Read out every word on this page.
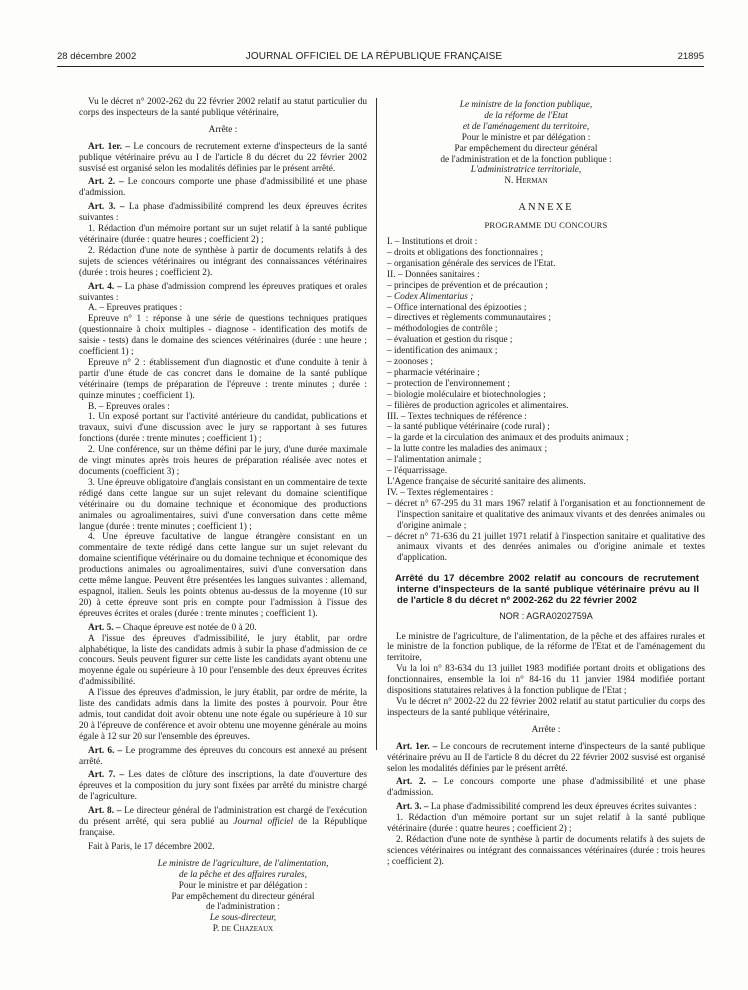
28 décembre 2002	JOURNAL OFFICIEL DE LA RÉPUBLIQUE FRANÇAISE	21895

Vu le décret n° 2002-262 du 22 février 2002 relatif au statut particulier du corps des inspecteurs de la santé publique vétérinaire,

Arrête :

Art. 1er. – Le concours de recrutement externe d'inspecteurs de la santé publique vétérinaire prévu au I de l'article 8 du décret du 22 février 2002 susvisé est organisé selon les modalités définies par le présent arrêté.

Art. 2. – Le concours comporte une phase d'admissibilité et une phase d'admission.

Art. 3. – La phase d'admissibilité comprend les deux épreuves écrites suivantes :

1. Rédaction d'un mémoire portant sur un sujet relatif à la santé publique vétérinaire (durée : quatre heures ; coefficient 2) ;

2. Rédaction d'une note de synthèse à partir de documents relatifs à des sujets de sciences vétérinaires ou intégrant des connaissances vétérinaires (durée : trois heures ; coefficient 2).

Art. 4. – La phase d'admission comprend les épreuves pratiques et orales suivantes :

A. – Epreuves pratiques :

Epreuve n° 1 : réponse à une série de questions techniques pratiques (questionnaire à choix multiples - diagnose - identification des motifs de saisie - tests) dans le domaine des sciences vétérinaires (durée : une heure ; coefficient 1) ;

Epreuve n° 2 : établissement d'un diagnostic et d'une conduite à tenir à partir d'une étude de cas concret dans le domaine de la santé publique vétérinaire (temps de préparation de l'épreuve : trente minutes ; durée : quinze minutes ; coefficient 1).

B. – Epreuves orales :

1. Un exposé portant sur l'activité antérieure du candidat, publications et travaux, suivi d'une discussion avec le jury se rapportant à ses futures fonctions (durée : trente minutes ; coefficient 1) ;

2. Une conférence, sur un thème défini par le jury, d'une durée maximale de vingt minutes après trois heures de préparation réalisée avec notes et documents (coefficient 3) ;

3. Une épreuve obligatoire d'anglais consistant en un commentaire de texte rédigé dans cette langue sur un sujet relevant du domaine scientifique vétérinaire ou du domaine technique et économique des productions animales ou agroalimentaires, suivi d'une conversation dans cette même langue (durée : trente minutes ; coefficient 1) ;

4. Une épreuve facultative de langue étrangère consistant en un commentaire de texte rédigé dans cette langue sur un sujet relevant du domaine scientifique vétérinaire ou du domaine technique et économique des productions animales ou agroalimentaires, suivi d'une conversation dans cette même langue. Peuvent être présentées les langues suivantes : allemand, espagnol, italien. Seuls les points obtenus au-dessus de la moyenne (10 sur 20) à cette épreuve sont pris en compte pour l'admission à l'issue des épreuves écrites et orales (durée : trente minutes ; coefficient 1).

Art. 5. – Chaque épreuve est notée de 0 à 20.

A l'issue des épreuves d'admissibilité, le jury établit, par ordre alphabétique, la liste des candidats admis à subir la phase d'admission de ce concours. Seuls peuvent figurer sur cette liste les candidats ayant obtenu une moyenne égale ou supérieure à 10 pour l'ensemble des deux épreuves écrites d'admissibilité.

A l'issue des épreuves d'admission, le jury établit, par ordre de mérite, la liste des candidats admis dans la limite des postes à pourvoir. Pour être admis, tout candidat doit avoir obtenu une note égale ou supérieure à 10 sur 20 à l'épreuve de conférence et avoir obtenu une moyenne générale au moins égale à 12 sur 20 sur l'ensemble des épreuves.

Art. 6. – Le programme des épreuves du concours est annexé au présent arrêté.

Art. 7. – Les dates de clôture des inscriptions, la date d'ouverture des épreuves et la composition du jury sont fixées par arrêté du ministre chargé de l'agriculture.

Art. 8. – Le directeur général de l'administration est chargé de l'exécution du présent arrêté, qui sera publié au Journal officiel de la République française.

Fait à Paris, le 17 décembre 2002.

Le ministre de l'agriculture, de l'alimentation,

de la pêche et des affaires rurales,

Pour le ministre et par délégation :

Par empêchement du directeur général

de l'administration :

Le sous-directeur,

P. de Chazeaux

Le ministre de la fonction publique,

de la réforme de l'Etat

et de l'aménagement du territoire,

Pour le ministre et par délégation :

Par empêchement du directeur général

de l'administration et de la fonction publique :

L'administratrice territoriale,

N. Herman

ANNEXE

PROGRAMME DU CONCOURS

I. – Institutions et droit :

– droits et obligations des fonctionnaires ;

– organisation générale des services de l'Etat.

II. – Données sanitaires :

– principes de prévention et de précaution ;

– Codex Alimentarius ;

– Office international des épizooties ;

– directives et règlements communautaires ;

– méthodologies de contrôle ;

– évaluation et gestion du risque ;

– identification des animaux ;

– zoonoses ;

– pharmacie vétérinaire ;

– protection de l'environnement ;

– biologie moléculaire et biotechnologies ;

– filières de production agricoles et alimentaires.

III. – Textes techniques de référence :

– la santé publique vétérinaire (code rural) ;

– la garde et la circulation des animaux et des produits animaux ;

– la lutte contre les maladies des animaux ;

– l'alimentation animale ;

– l'équarrissage.

L'Agence française de sécurité sanitaire des aliments.

IV. – Textes réglementaires :

– décret n° 67-295 du 31 mars 1967 relatif à l'organisation et au fonctionnement de l'inspection sanitaire et qualitative des animaux vivants et des denrées animales ou d'origine animale ;

– décret n° 71-636 du 21 juillet 1971 relatif à l'inspection sanitaire et qualitative des animaux vivants et des denrées animales ou d'origine animale et textes d'application.

Arrêté du 17 décembre 2002 relatif au concours de recrutement interne d'inspecteurs de la santé publique vétérinaire prévu au II de l'article 8 du décret nº 2002-262 du 22 février 2002

NOR : AGRA0202759A

Le ministre de l'agriculture, de l'alimentation, de la pêche et des affaires rurales et le ministre de la fonction publique, de la réforme de l'Etat et de l'aménagement du territoire,

Vu la loi n° 83-634 du 13 juillet 1983 modifiée portant droits et obligations des fonctionnaires, ensemble la loi n° 84-16 du 11 janvier 1984 modifiée portant dispositions statutaires relatives à la fonction publique de l'Etat ;

Vu le décret n° 2002-22 du 22 février 2002 relatif au statut particulier du corps des inspecteurs de la santé publique vétérinaire,

Arrête :

Art. 1er. – Le concours de recrutement interne d'inspecteurs de la santé publique vétérinaire prévu au II de l'article 8 du décret du 22 février 2002 susvisé est organisé selon les modalités définies par le présent arrêté.

Art. 2. – Le concours comporte une phase d'admissibilité et une phase d'admission.

Art. 3. – La phase d'admissibilité comprend les deux épreuves écrites suivantes :

1. Rédaction d'un mémoire portant sur un sujet relatif à la santé publique vétérinaire (durée : quatre heures ; coefficient 2) ;

2. Rédaction d'une note de synthèse à partir de documents relatifs à des sujets de sciences vétérinaires ou intégrant des connaissances vétérinaires (durée : trois heures ; coefficient 2).
